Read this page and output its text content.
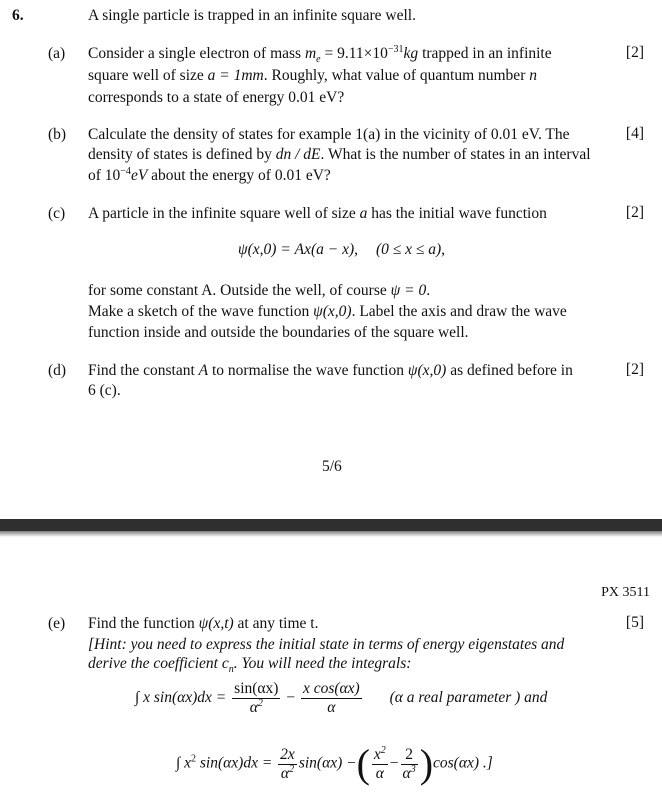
6.	A single particle is trapped in an infinite square well.
(a) Consider a single electron of mass $m_e = 9.11\times 10^{-31}kg$ trapped in an infinite	[2]
square well of size a = 1mm. Roughly, what value of quantum number n
corresponds to a state of energy 0.01 eV?
(b) Calculate the density of states for example 1(a) in the vicinity of 0.01 eV. The	[4]
density of states is defined by dn / dE. What is the number of states in an interval
of $10^{-4}eV$ about the energy of 0.01 eV?
(c) A particle in the infinite square well of size a has the initial wave function	[2]
ψ(x,0) = Ax(a − x), (0 ≤ x ≤ a),
for some constant A. Outside the well, of course ψ = 0.
Make a sketch of the wave function ψ(x,0). Label the axis and draw the wave
function inside and outside the boundaries of the square well.
(d) Find the constant A to normalise the wave function ψ(x,0) as defined before in	[2]
6 (c).
5/6
PX 3511
(e) Find the function ψ(x,t) at any time t.	[5]
[Hint: you need to express the initial state in terms of energy eigenstates and
derive the coefficient $c_n$. You will need the integrals:
∫ x $\sin(\alpha x)dx = \frac{\sin(\alpha x)}{\alpha^2} - \frac{\text{x cos(αx)}}{\alpha} (\alpha$ a real parameter ) and
∫ $x^2$ $\sin(\alpha x)dx = \frac{2x}{\alpha^2} \sin(\alpha x)$ −( $\frac{x^2}{\alpha} - \frac{2}{\alpha^3} )\cos(\alpha x)$ .]
